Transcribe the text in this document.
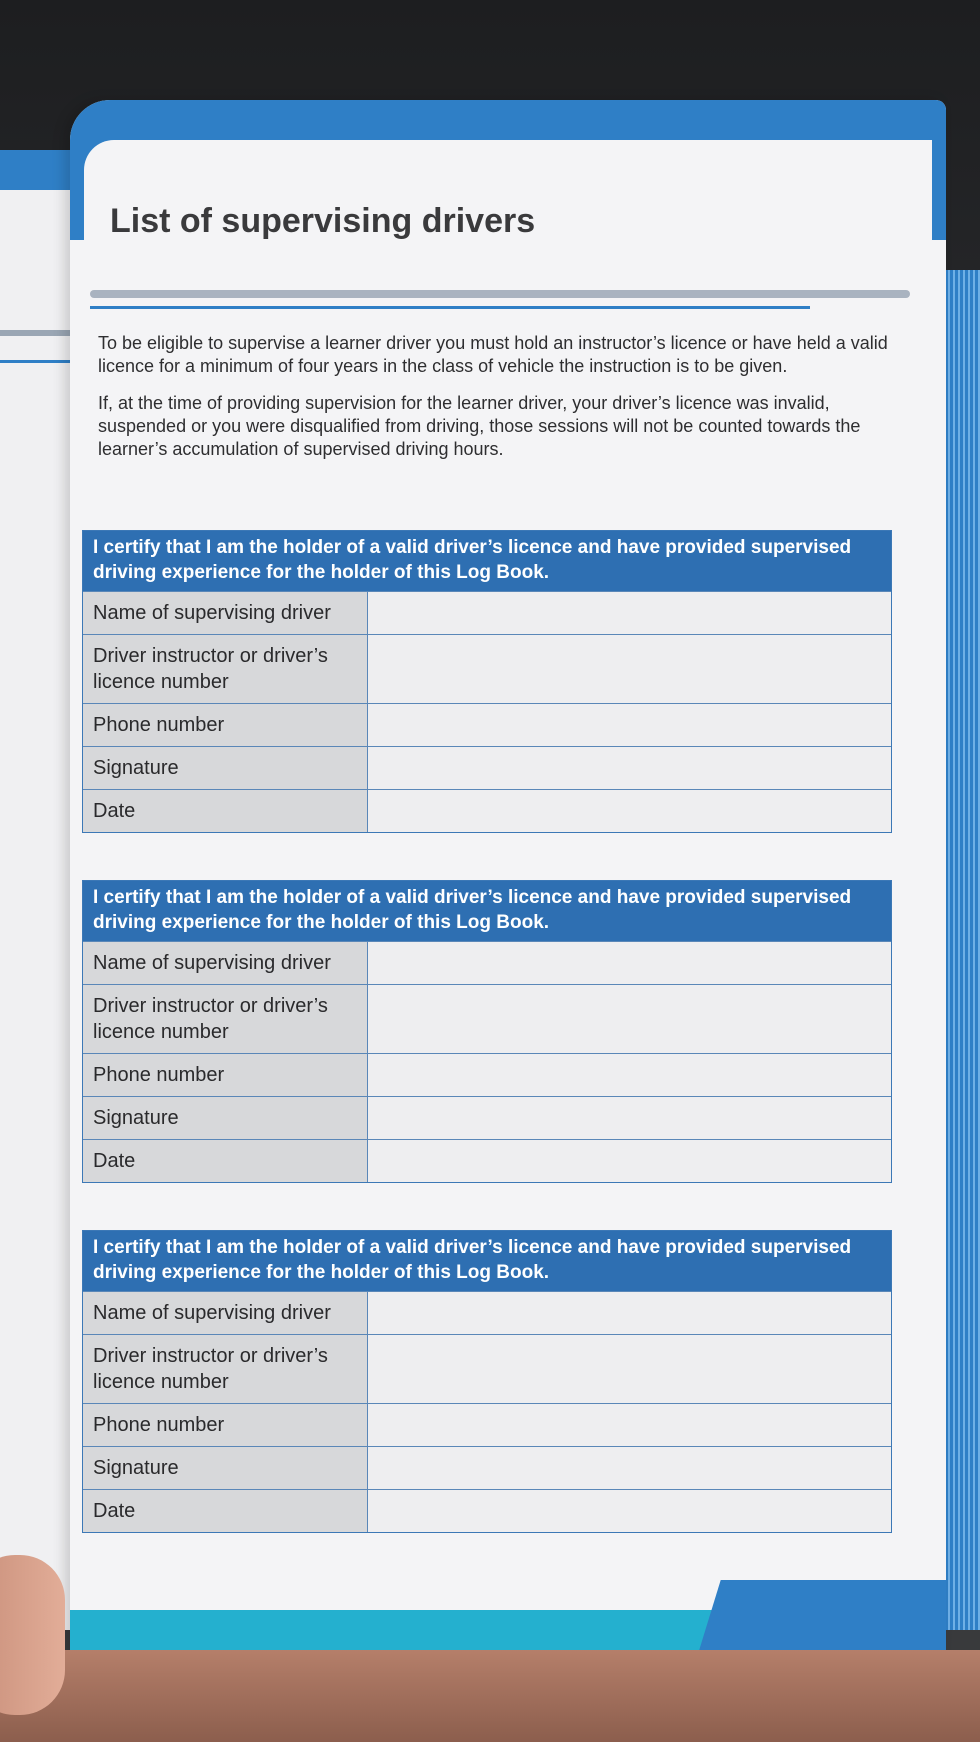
List of supervising drivers

To be eligible to supervise a learner driver you must hold an instructor’s licence or have held a valid licence for a minimum of four years in the class of vehicle the instruction is to be given.

If, at the time of providing supervision for the learner driver, your driver’s licence was invalid, suspended or you were disqualified from driving, those sessions will not be counted towards the learner’s accumulation of supervised driving hours.

I certify that I am the holder of a valid driver’s licence and have provided supervised driving experience for the holder of this Log Book.
Name of supervising driver
Driver instructor or driver’s licence number
Phone number
Signature
Date
I certify that I am the holder of a valid driver’s licence and have provided supervised driving experience for the holder of this Log Book.
Name of supervising driver
Driver instructor or driver’s licence number
Phone number
Signature
Date
I certify that I am the holder of a valid driver’s licence and have provided supervised driving experience for the holder of this Log Book.
Name of supervising driver
Driver instructor or driver’s licence number
Phone number
Signature
Date
